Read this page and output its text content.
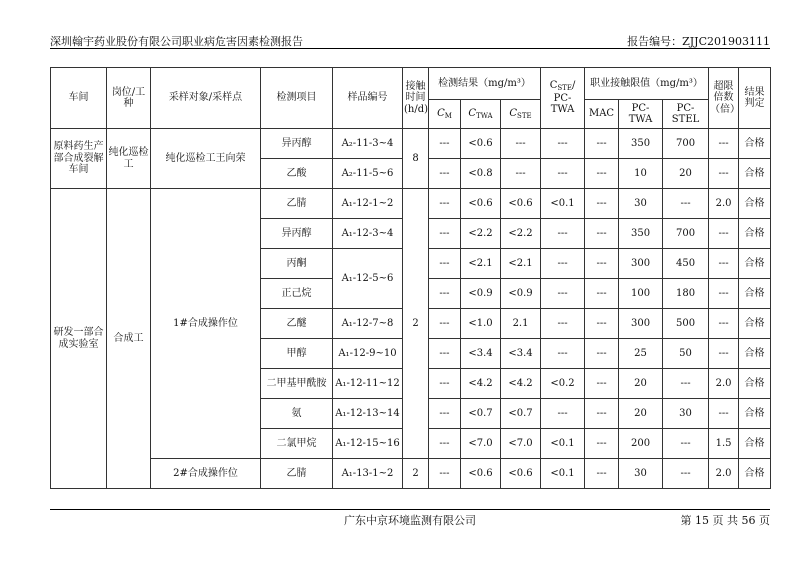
深圳翰宇药业股份有限公司职业病危害因素检测报告	报告编号：ZJJC201903111
车间	岗位/工种	采样对象/采样点	检测项目	样品编号	接触时间
(h/d)	检测结果（mg/m³）			$C_{STE}/$
PC-TWA	职业接触限值（mg/m³）			超限倍数（倍）	结果判定
						$C_M$	$C_{TWA}$	$C_{STE}$		MAC	PC-TWA	PC-STEL		
原料药生产部合成裂解车间	纯化巡检工	纯化巡检工王向荣	异丙醇	A₂-11-3~4	8	---	<0.6	---	---	---	350	700	---	合格
			乙酸	A₂-11-5~6		---	<0.8	---	---	---	10	20	---	合格
研发一部合成实验室	合成工	1#合成操作位	乙腈	A₁-12-1~2	2	---	<0.6	<0.6	<0.1	---	30	---	2.0	合格
			异丙醇	A₁-12-3~4		---	<2.2	<2.2	---	---	350	700	---	合格
			丙酮	A₁-12-5~6		---	<2.1	<2.1	---	---	300	450	---	合格
			正己烷			---	<0.9	<0.9	---	---	100	180	---	合格
			乙醚	A₁-12-7~8		---	<1.0	2.1	---	---	300	500	---	合格
			甲醇	A₁-12-9~10		---	<3.4	<3.4	---	---	25	50	---	合格
			二甲基甲酰胺	A₁-12-11~12		---	<4.2	<4.2	<0.2	---	20	---	2.0	合格
			氨	A₁-12-13~14		---	<0.7	<0.7	---	---	20	30	---	合格
			二氯甲烷	A₁-12-15~16		---	<7.0	<7.0	<0.1	---	200	---	1.5	合格
		2#合成操作位	乙腈	A₁-13-1~2	2	---	<0.6	<0.6	<0.1	---	30	---	2.0	合格
广东中京环境监测有限公司	第 15 页 共 56 页
